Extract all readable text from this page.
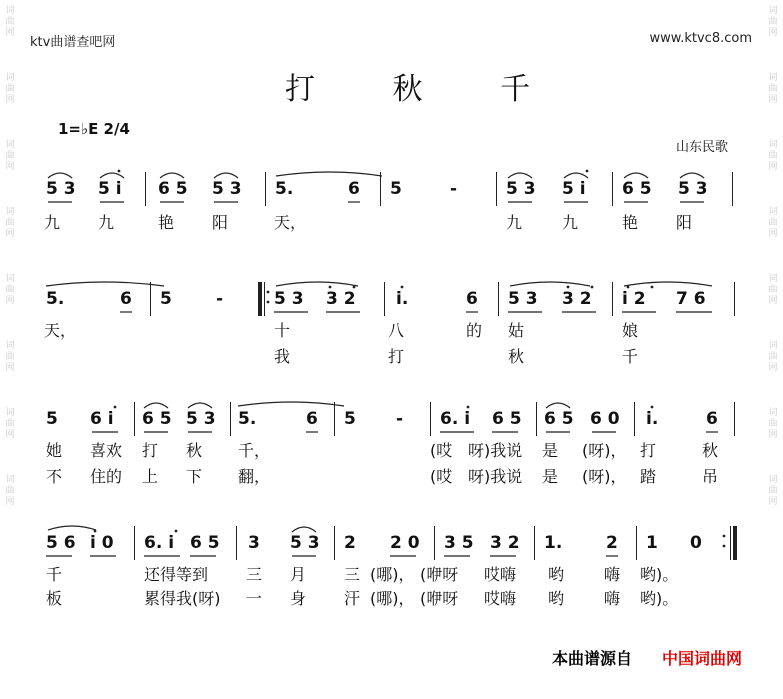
词曲网
词曲网
词曲网
词曲网
词曲网
词曲网
词曲网
词曲网
词曲网
词曲网
词曲网
词曲网
词曲网
词曲网
词曲网
词曲网
ktv曲谱查吧网	www.ktvc8.com
打 秋 千
1=♭E 2/4
山东民歌
5 3 5 i 6 5 5 3 5.	6 5	-	5 3 5 i 6 5 5 3
九 九	艳 阳	天，	九 九	艳 阳
5.	6 5	-	5 3 3 2 i.	6 5 3 3 2 i 2 7 6
天，	十	八	的 姑	娘
我	打	秋	千
5 6 i 6 5 5 3 5.	6 5 - 6. i 6 5 6 5 6 0 i.	6
她 喜欢 打 秋 千，	(哎 呀)我说 是 (呀)， 打	秋
不 住的 上 下 翻，	(哎 呀)我说 是 (呀)， 踏	吊
5 6 i 0 6. i 6 5 3 5 3 2 2 0 3 5 3 2 1.	2 1 0
千	还得等到 三 月 三 (哪)， (咿呀 哎嗨 哟 嗨 哟)。
板	累得我(呀) 一 身 汗 (哪)， (咿呀 哎嗨 哟 嗨 哟)。
本曲谱源自 中国词曲网
